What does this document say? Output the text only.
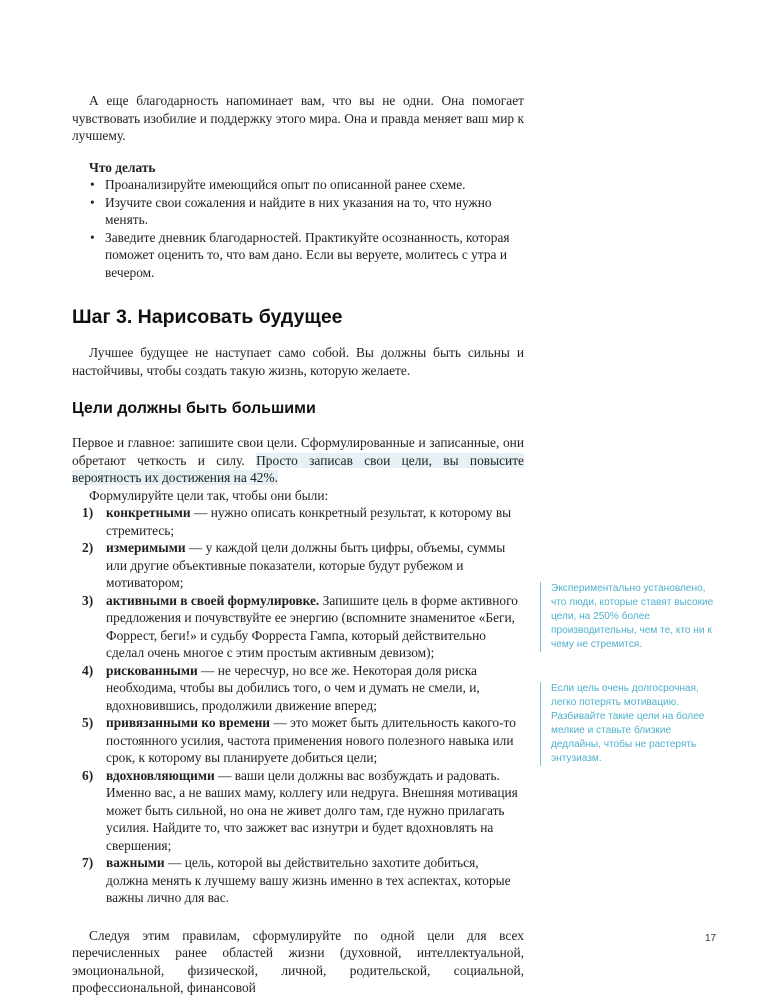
А еще благодарность напоминает вам, что вы не одни. Она помогает чувствовать изобилие и поддержку этого мира. Она и правда меняет ваш мир к лучшему.

Что делать
• Проанализируйте имеющийся опыт по описанной ранее схеме.
• Изучите свои сожаления и найдите в них указания на то, что нужно менять.
• Заведите дневник благодарностей. Практикуйте осознанность, которая поможет оценить то, что вам дано. Если вы веруете, молитесь с утра и вечером.
Шаг 3. Нарисовать будущее

Лучшее будущее не наступает само собой. Вы должны быть сильны и настойчивы, чтобы создать такую жизнь, которую желаете.

Цели должны быть большими

Первое и главное: запишите свои цели. Сформулированные и записанные, они обретают четкость и силу. Просто записав свои цели, вы повысите вероятность их достижения на 42%.

Формулируйте цели так, чтобы они были:

1) конкретными — нужно описать конкретный результат, к которому вы стремитесь;
2) измеримыми — у каждой цели должны быть цифры, объемы, суммы или другие объективные показатели, которые будут рубежом и мотиватором;
3) активными в своей формулировке. Запишите цель в форме активного предложения и почувствуйте ее энергию (вспомните знаменитое «Беги, Форрест, беги!» и судьбу Форреста Гампа, который действительно сделал очень многое с этим простым активным девизом);
4) рискованными — не чересчур, но все же. Некоторая доля риска необходима, чтобы вы добились того, о чем и думать не смели, и, вдохновившись, продолжили движение вперед;
5) привязанными ко времени — это может быть длительность какого-то постоянного усилия, частота применения нового полезного навыка или срок, к которому вы планируете добиться цели;
6) вдохновляющими — ваши цели должны вас возбуждать и радовать. Именно вас, а не ваших маму, коллегу или недруга. Внешняя мотивация может быть сильной, но она не живет долго там, где нужно прилагать усилия. Найдите то, что зажжет вас изнутри и будет вдохновлять на свершения;
7) важными — цель, которой вы действительно захотите добиться, должна менять к лучшему вашу жизнь именно в тех аспектах, которые важны лично для вас.

Следуя этим правилам, сформулируйте по одной цели для всех перечисленных ранее областей жизни (духовной, интеллектуальной, эмоциональной, физической, личной, родительской, социальной, профессиональной, финансовой

Экспериментально установлено, что люди, которые ставят высокие цели, на 250% более производительны, чем те, кто ни к чему не стремится.
Если цель очень долгосрочная, легко потерять мотивацию. Разбивайте такие цели на более мелкие и ставьте близкие дедлайны, чтобы не растерять энтузиазм.
17
